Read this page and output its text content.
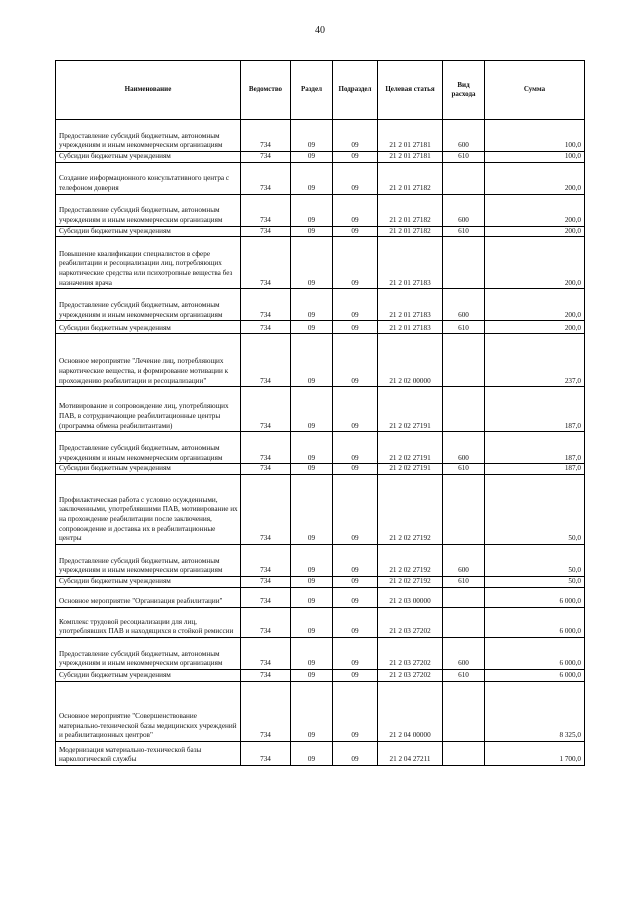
40
Наименование	Ведомство	Раздел	Подраздел	Целевая статья	Вид расхода	Сумма
Предоставление субсидий бюджетным, автономным учреждениям и иным некоммерческим организациям	734	09	09	21 2 01 27181	600	100,0
Субсидии бюджетным учреждениям	734	09	09	21 2 01 27181	610	100,0
Создание информационного консультативного центра с телефоном доверия	734	09	09	21 2 01 27182		200,0
Предоставление субсидий бюджетным, автономным учреждениям и иным некоммерческим организациям	734	09	09	21 2 01 27182	600	200,0
Субсидии бюджетным учреждениям	734	09	09	21 2 01 27182	610	200,0
Повышение квалификации специалистов в сфере реабилитации и ресоциализации лиц, потребляющих наркотические средства или психотропные вещества без назначения врача	734	09	09	21 2 01 27183		200,0
Предоставление субсидий бюджетным, автономным учреждениям и иным некоммерческим организациям	734	09	09	21 2 01 27183	600	200,0
Субсидии бюджетным учреждениям	734	09	09	21 2 01 27183	610	200,0
Основное мероприятие "Лечение лиц, потребляющих наркотические вещества, и формирование мотивации к прохождению реабилитации и ресоциализации"	734	09	09	21 2 02 00000		237,0
Мотивирование и сопровождение лиц, употребляющих ПАВ, в сотрудничающие реабилитационные центры (программа обмена реабилитантами)	734	09	09	21 2 02 27191		187,0
Предоставление субсидий бюджетным, автономным учреждениям и иным некоммерческим организациям	734	09	09	21 2 02 27191	600	187,0
Субсидии бюджетным учреждениям	734	09	09	21 2 02 27191	610	187,0
Профилактическая работа с условно осужденными, заключенными, употреблявшими ПАВ, мотивирование их на прохождение реабилитации после заключения, сопровождение и доставка их в реабилитационные центры	734	09	09	21 2 02 27192		50,0
Предоставление субсидий бюджетным, автономным учреждениям и иным некоммерческим организациям	734	09	09	21 2 02 27192	600	50,0
Субсидии бюджетным учреждениям	734	09	09	21 2 02 27192	610	50,0
Основное мероприятие "Организация реабилитации"	734	09	09	21 2 03 00000		6 000,0
Комплекс трудовой ресоциализации для лиц, употреблявших ПАВ и находящихся в стойкой ремиссии	734	09	09	21 2 03 27202		6 000,0
Предоставление субсидий бюджетным, автономным учреждениям и иным некоммерческим организациям	734	09	09	21 2 03 27202	600	6 000,0
Субсидии бюджетным учреждениям	734	09	09	21 2 03 27202	610	6 000,0
Основное мероприятие "Совершенствование материально-технической базы медицинских учреждений и реабилитационных центров"	734	09	09	21 2 04 00000		8 325,0
Модернизация материально-технической базы наркологической службы	734	09	09	21 2 04 27211		1 700,0
